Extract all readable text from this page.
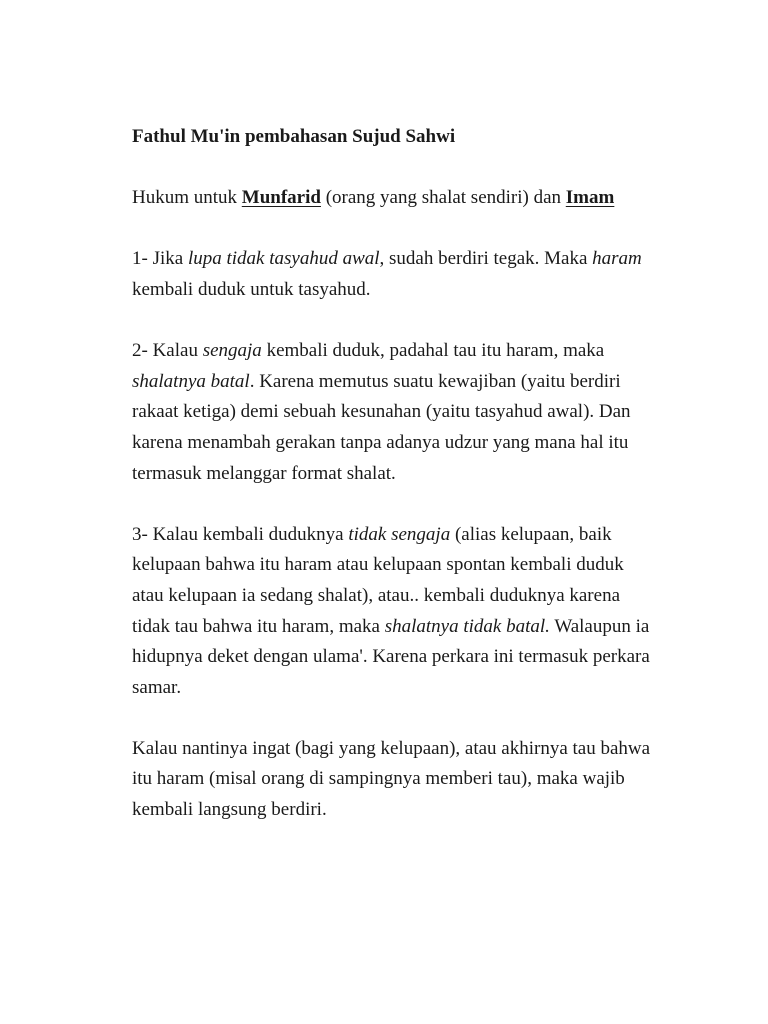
Fathul Mu'in pembahasan Sujud Sahwi

Hukum untuk Munfarid (orang yang shalat sendiri) dan Imam

1- Jika lupa tidak tasyahud awal, sudah berdiri tegak. Maka haram kembali duduk untuk tasyahud.

2- Kalau sengaja kembali duduk, padahal tau itu haram, maka shalatnya batal. Karena memutus suatu kewajiban (yaitu berdiri rakaat ketiga) demi sebuah kesunahan (yaitu tasyahud awal). Dan karena menambah gerakan tanpa adanya udzur yang mana hal itu termasuk melanggar format shalat.

3- Kalau kembali duduknya tidak sengaja (alias kelupaan, baik kelupaan bahwa itu haram atau kelupaan spontan kembali duduk atau kelupaan ia sedang shalat), atau.. kembali duduknya karena tidak tau bahwa itu haram, maka shalatnya tidak batal. Walaupun ia hidupnya deket dengan ulama'. Karena perkara ini termasuk perkara samar.

Kalau nantinya ingat (bagi yang kelupaan), atau akhirnya tau bahwa itu haram (misal orang di sampingnya memberi tau), maka wajib kembali langsung berdiri.
